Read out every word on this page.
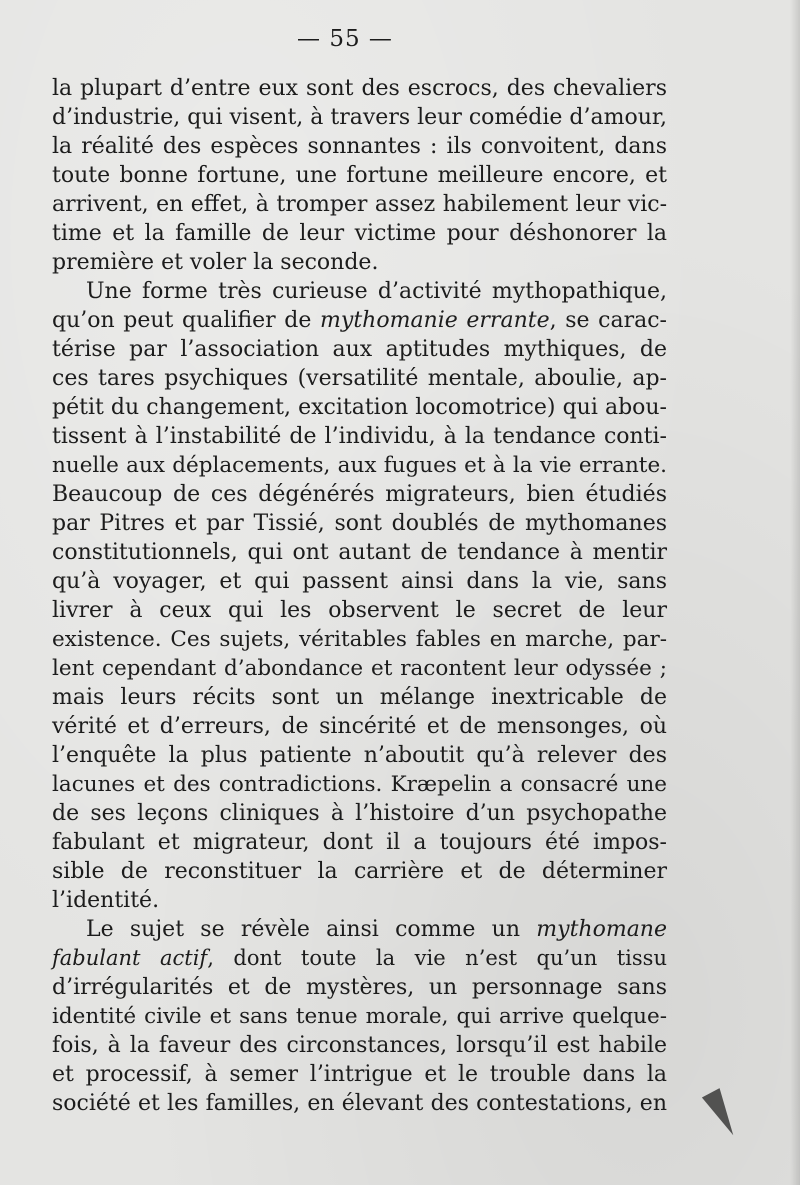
— 55 —
la plupart d’entre eux sont des escrocs, des chevaliers
d’industrie, qui visent, à travers leur comédie d’amour,
la réalité des espèces sonnantes : ils convoitent, dans
toute bonne fortune, une fortune meilleure encore, et
arrivent, en effet, à tromper assez habilement leur vic-
time et la famille de leur victime pour déshonorer la
première et voler la seconde.
Une forme très curieuse d’activité mythopathique,
qu’on peut qualifier de mythomanie errante, se carac-
térise par l’association aux aptitudes mythiques, de
ces tares psychiques (versatilité mentale, aboulie, ap-
pétit du changement, excitation locomotrice) qui abou-
tissent à l’instabilité de l’individu, à la tendance conti-
nuelle aux déplacements, aux fugues et à la vie errante.
Beaucoup de ces dégénérés migrateurs, bien étudiés
par Pitres et par Tissié, sont doublés de mythomanes
constitutionnels, qui ont autant de tendance à mentir
qu’à voyager, et qui passent ainsi dans la vie, sans
livrer à ceux qui les observent le secret de leur
existence. Ces sujets, véritables fables en marche, par-
lent cependant d’abondance et racontent leur odyssée ;
mais leurs récits sont un mélange inextricable de
vérité et d’erreurs, de sincérité et de mensonges, où
l’enquête la plus patiente n’aboutit qu’à relever des
lacunes et des contradictions. Kræpelin a consacré une
de ses leçons cliniques à l’histoire d’un psychopathe
fabulant et migrateur, dont il a toujours été impos-
sible de reconstituer la carrière et de déterminer
l’identité.
Le sujet se révèle ainsi comme un mythomane
fabulant actif, dont toute la vie n’est qu’un tissu
d’irrégularités et de mystères, un personnage sans
identité civile et sans tenue morale, qui arrive quelque-
fois, à la faveur des circonstances, lorsqu’il est habile
et processif, à semer l’intrigue et le trouble dans la
société et les familles, en élevant des contestations, en
